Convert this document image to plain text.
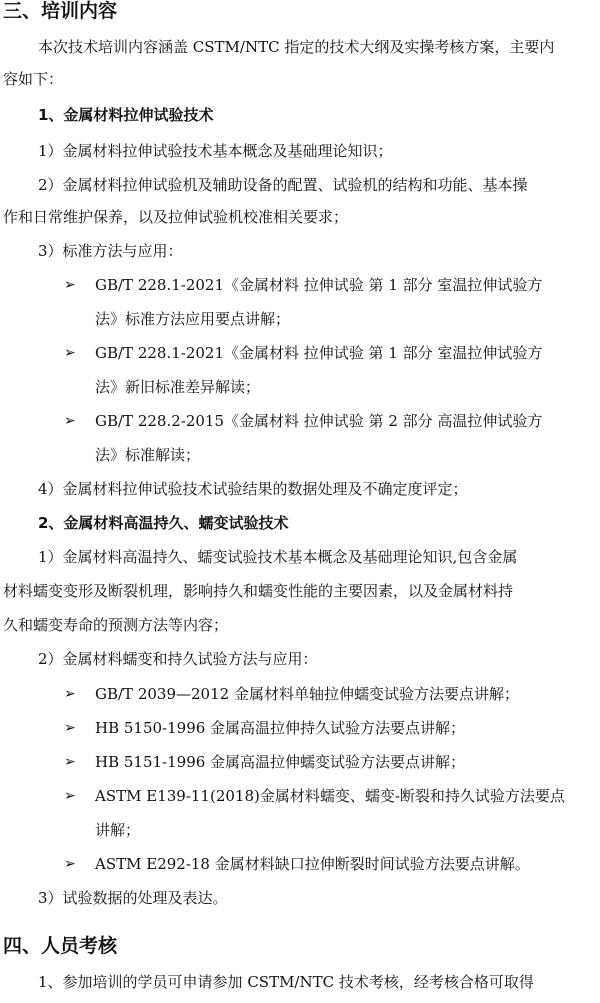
三、培训内容
本次技术培训内容涵盖 CSTM/NTC 指定的技术大纲及实操考核方案，主要内
容如下：
1、金属材料拉伸试验技术
1）金属材料拉伸试验技术基本概念及基础理论知识；
2）金属材料拉伸试验机及辅助设备的配置、试验机的结构和功能、基本操
作和日常维护保养，以及拉伸试验机校准相关要求；
3）标准方法与应用：
➢ GB/T 228.1-2021《金属材料 拉伸试验 第 1 部分 室温拉伸试验方
法》标准方法应用要点讲解；
➢ GB/T 228.1-2021《金属材料 拉伸试验 第 1 部分 室温拉伸试验方
法》新旧标准差异解读；
➢ GB/T 228.2-2015《金属材料 拉伸试验 第 2 部分 高温拉伸试验方
法》标准解读；
4）金属材料拉伸试验技术试验结果的数据处理及不确定度评定；
2、金属材料高温持久、蠕变试验技术
1）金属材料高温持久、蠕变试验技术基本概念及基础理论知识,包含金属
材料蠕变变形及断裂机理，影响持久和蠕变性能的主要因素，以及金属材料持
久和蠕变寿命的预测方法等内容；
2）金属材料蠕变和持久试验方法与应用：
➢ GB/T 2039—2012 金属材料单轴拉伸蠕变试验方法要点讲解；
➢ HB 5150-1996 金属高温拉伸持久试验方法要点讲解；
➢ HB 5151-1996 金属高温拉伸蠕变试验方法要点讲解；
➢ ASTM E139-11(2018)金属材料蠕变、蠕变-断裂和持久试验方法要点
讲解；
➢ ASTM E292-18 金属材料缺口拉伸断裂时间试验方法要点讲解。
3）试验数据的处理及表达。
四、人员考核
1、参加培训的学员可申请参加 CSTM/NTC 技术考核，经考核合格可取得
